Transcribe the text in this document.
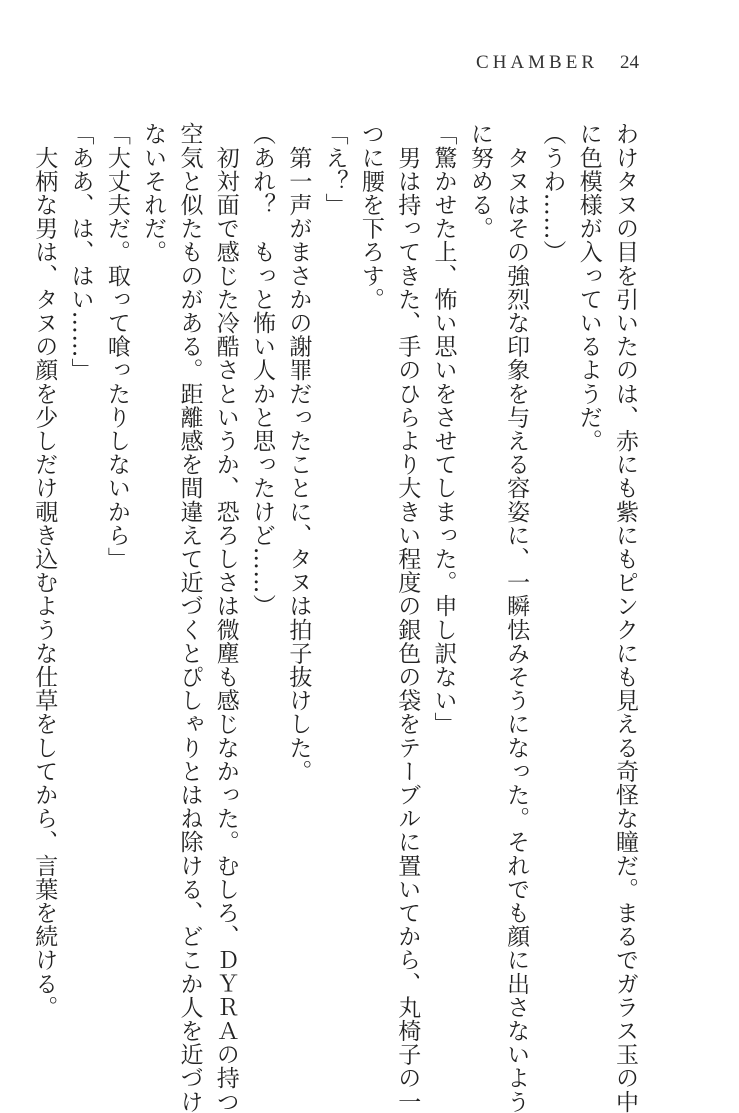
CHAMBER 24
わけタヌの目を引いたのは、赤にも紫にもピンクにも見える奇怪な瞳だ。まるでガラス玉の中
に色模様が入っているようだ。
（うわ……）
　タヌはその強烈な印象を与える容姿に、一瞬怯みそうになった。それでも顔に出さないよう
に努める。
「驚かせた上、怖い思いをさせてしまった。申し訳ない」
　男は持ってきた、手のひらより大きい程度の銀色の袋をテーブルに置いてから、丸椅子の一
つに腰を下ろす。
「え？」
　第一声がまさかの謝罪だったことに、タヌは拍子抜けした。
（あれ？　もっと怖い人かと思ったけど……）
　初対面で感じた冷酷さというか、恐ろしさは微塵も感じなかった。むしろ、ＤＹＲＡの持つ
空気と似たものがある。距離感を間違えて近づくとぴしゃりとはね除ける、どこか人を近づけ
ないそれだ。
「大丈夫だ。取って喰ったりしないから」
「ああ、は、はい……」
　大柄な男は、タヌの顔を少しだけ覗き込むような仕草をしてから、言葉を続ける。
